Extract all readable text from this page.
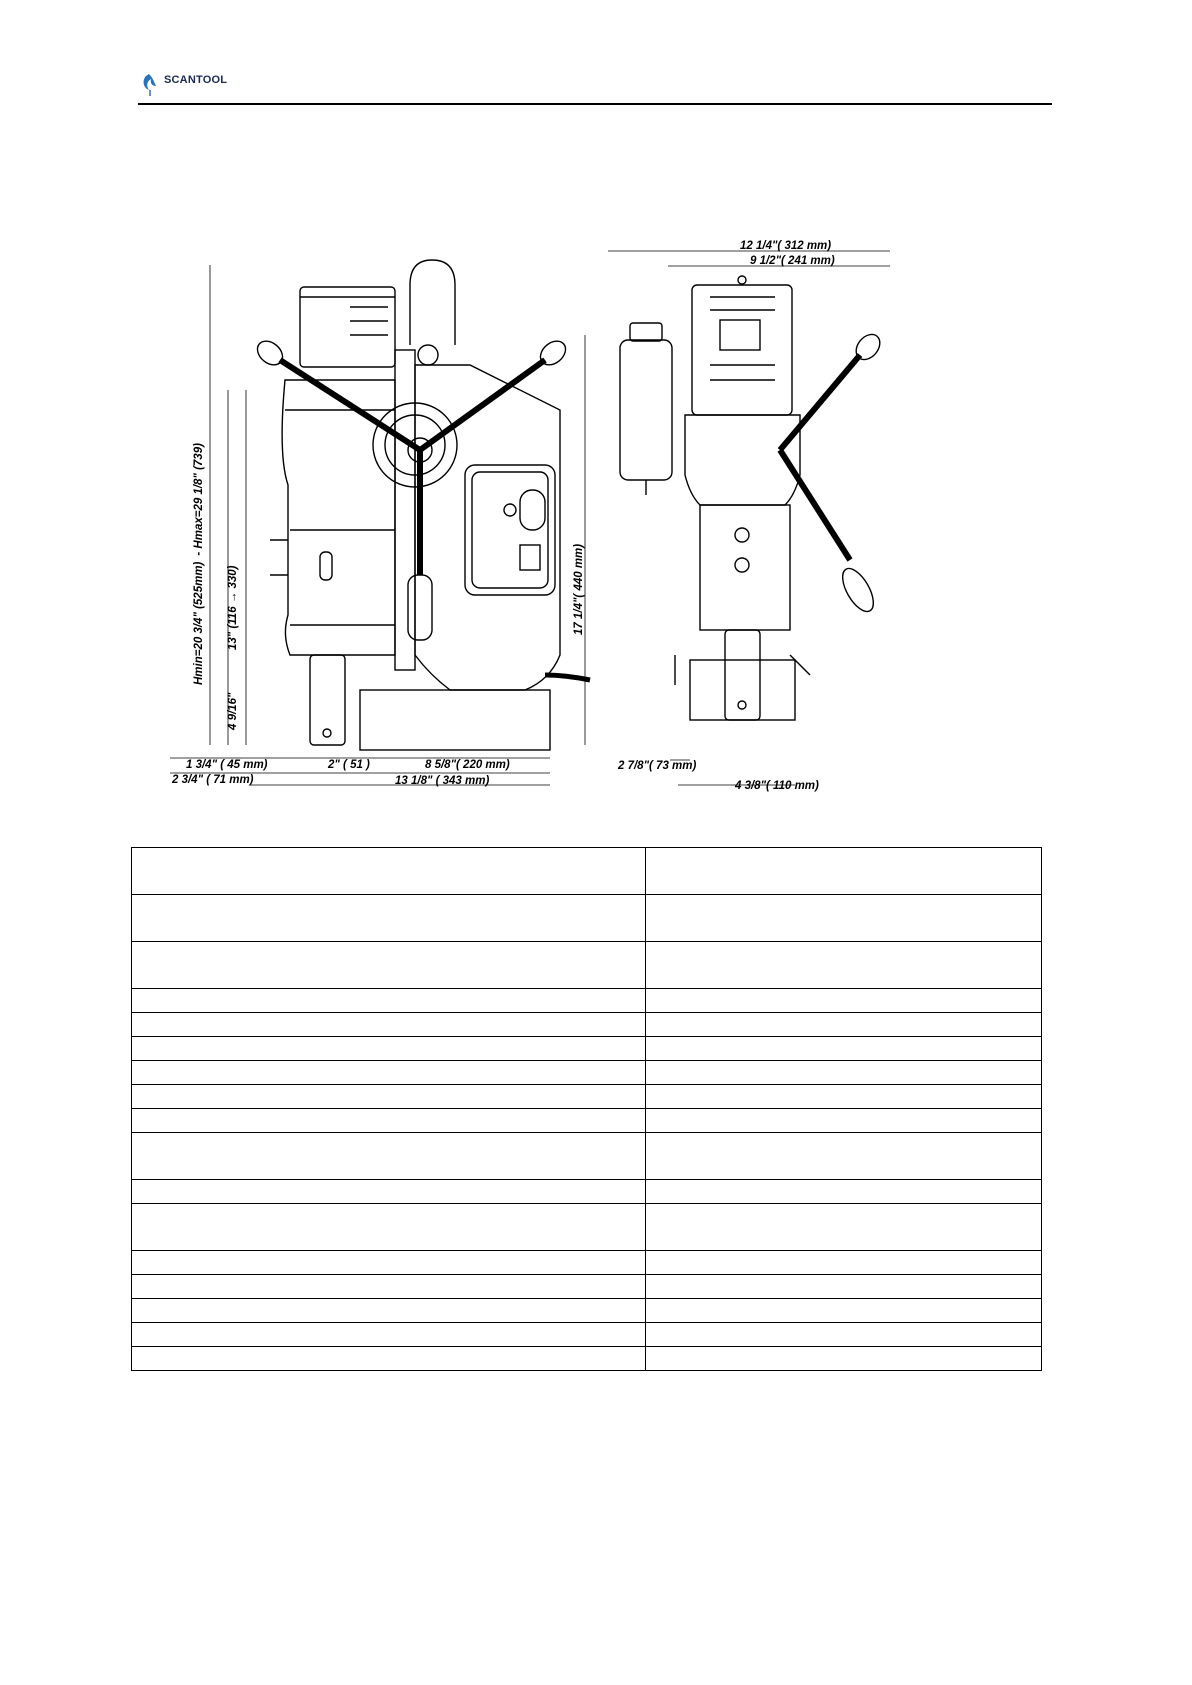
SCANTOOL
Hmin=20 3/4" (525mm)- Hmax=29 1/8" (739)
13" (116 → 330)
4 9/16"
17 1/4"( 440 mm)
1 3/4" ( 45 mm)
2 3/4" ( 71 mm)
2" ( 51 )	8 5/8"( 220 mm)
13 1/8" ( 343 mm)
12 1/4"( 312 mm)
9 1/2"( 241 mm)
2 7/8"( 73 mm)
4 3/8"( 110 mm)
